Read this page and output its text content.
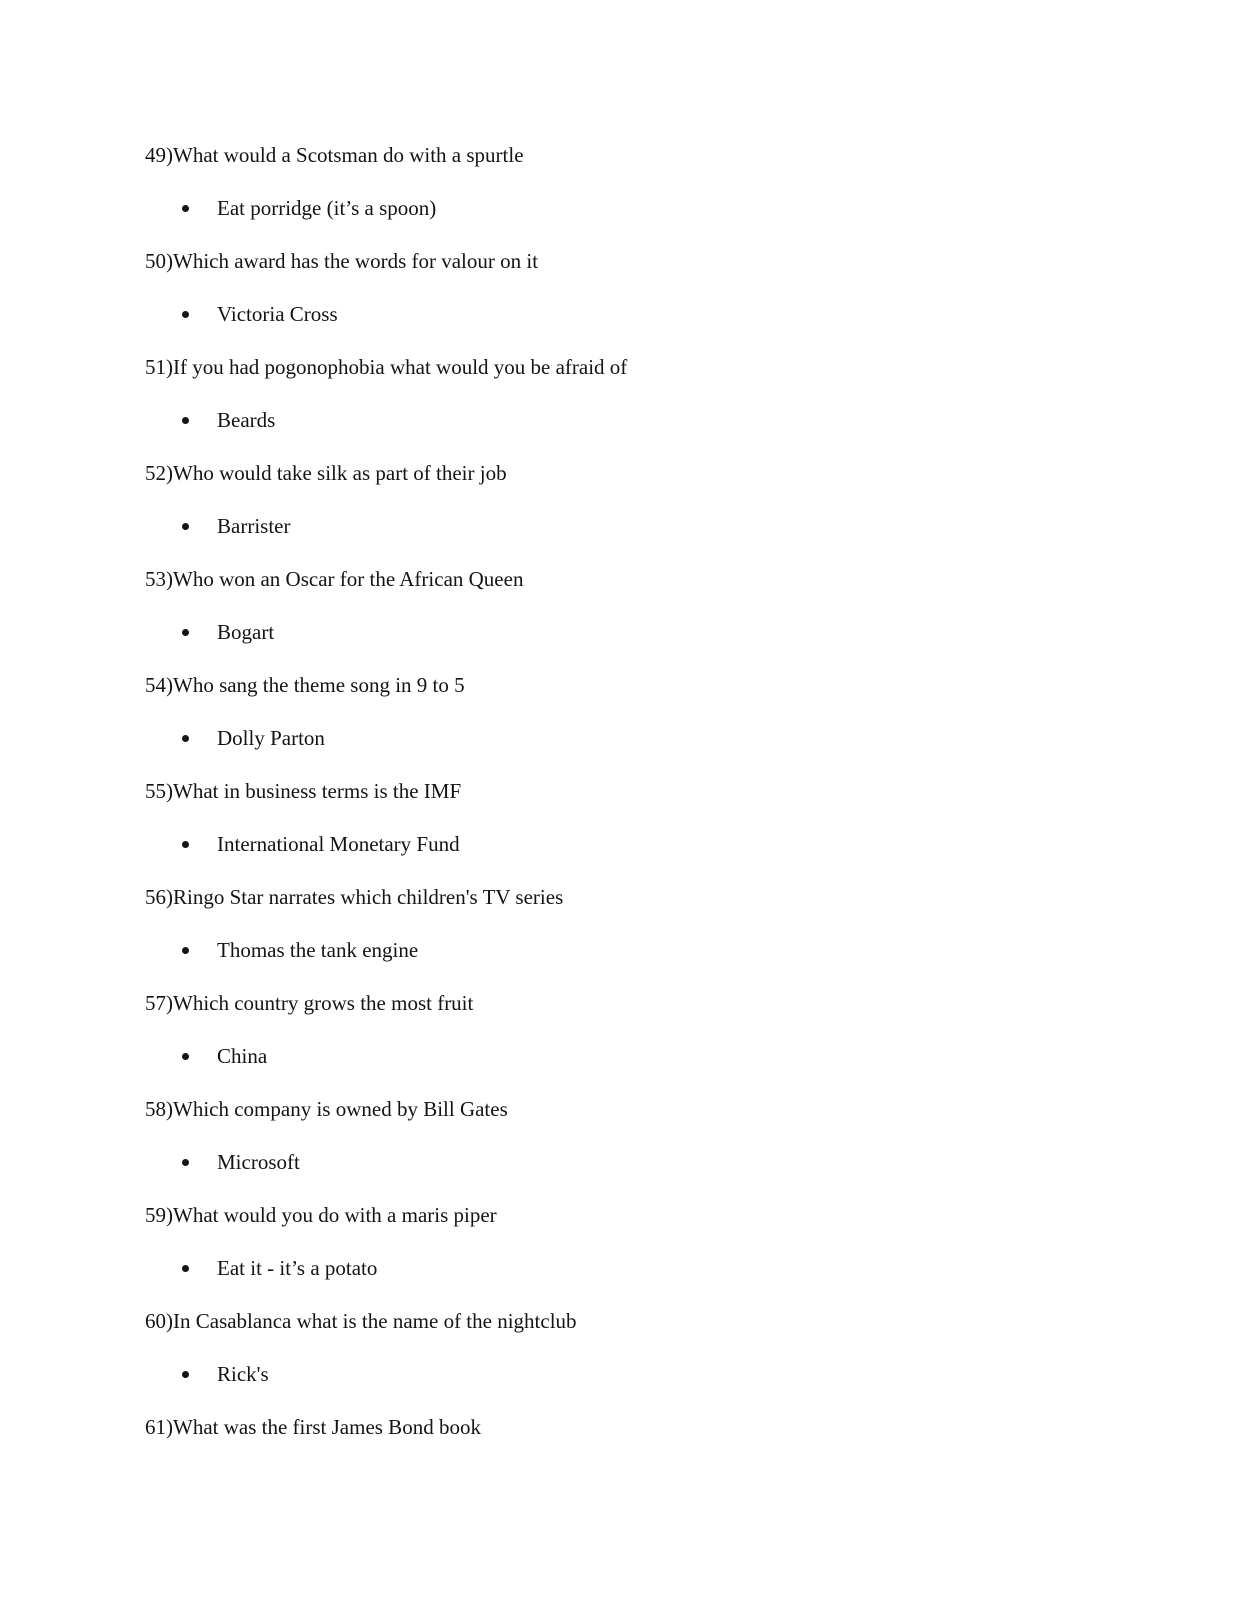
49)What would a Scotsman do with a spurtle
Eat porridge (it’s a spoon)
50)Which award has the words for valour on it
Victoria Cross
51)If you had pogonophobia what would you be afraid of
Beards
52)Who would take silk as part of their job
Barrister
53)Who won an Oscar for the African Queen
Bogart
54)Who sang the theme song in 9 to 5
Dolly Parton
55)What in business terms is the IMF
International Monetary Fund
56)Ringo Star narrates which children's TV series
Thomas the tank engine
57)Which country grows the most fruit
China
58)Which company is owned by Bill Gates
Microsoft
59)What would you do with a maris piper
Eat it - it’s a potato
60)In Casablanca what is the name of the nightclub
Rick's
61)What was the first James Bond book
